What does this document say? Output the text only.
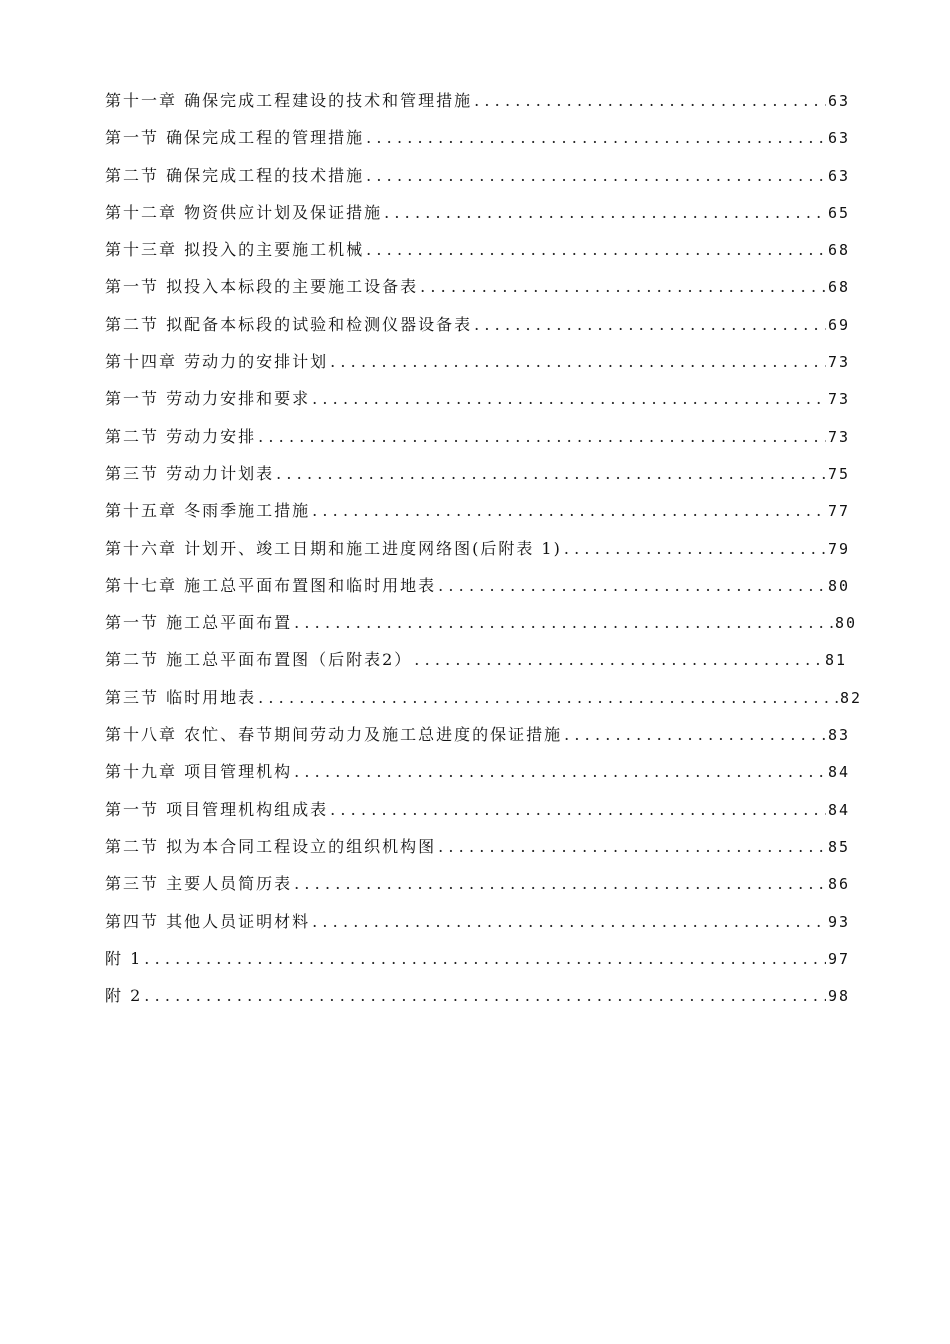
第十一章 确保完成工程建设的技术和管理措施 .....	63
第一节 确保完成工程的管理措施 .....	63
第二节 确保完成工程的技术措施 .....	63
第十二章 物资供应计划及保证措施 .....	65
第十三章 拟投入的主要施工机械 .....	68
第一节 拟投入本标段的主要施工设备表 .....	68
第二节 拟配备本标段的试验和检测仪器设备表 .....	69
第十四章 劳动力的安排计划 .....	73
第一节 劳动力安排和要求 .....	73
第二节 劳动力安排 .....	73
第三节 劳动力计划表 .....	75
第十五章 冬雨季施工措施 .....	77
第十六章 计划开、竣工日期和施工进度网络图(后附表 1) .....	79
第十七章 施工总平面布置图和临时用地表 .....	80
第一节 施工总平面布置 .....	80
第二节 施工总平面布置图（后附表2） .....	81
第三节 临时用地表 .....	82
第十八章 农忙、春节期间劳动力及施工总进度的保证措施 .....	83
第十九章 项目管理机构 .....	84
第一节 项目管理机构组成表 .....	84
第二节 拟为本合同工程设立的组织机构图 .....	85
第三节 主要人员简历表 .....	86
第四节 其他人员证明材料 .....	93
附 1 .....	97
附 2 .....	98
